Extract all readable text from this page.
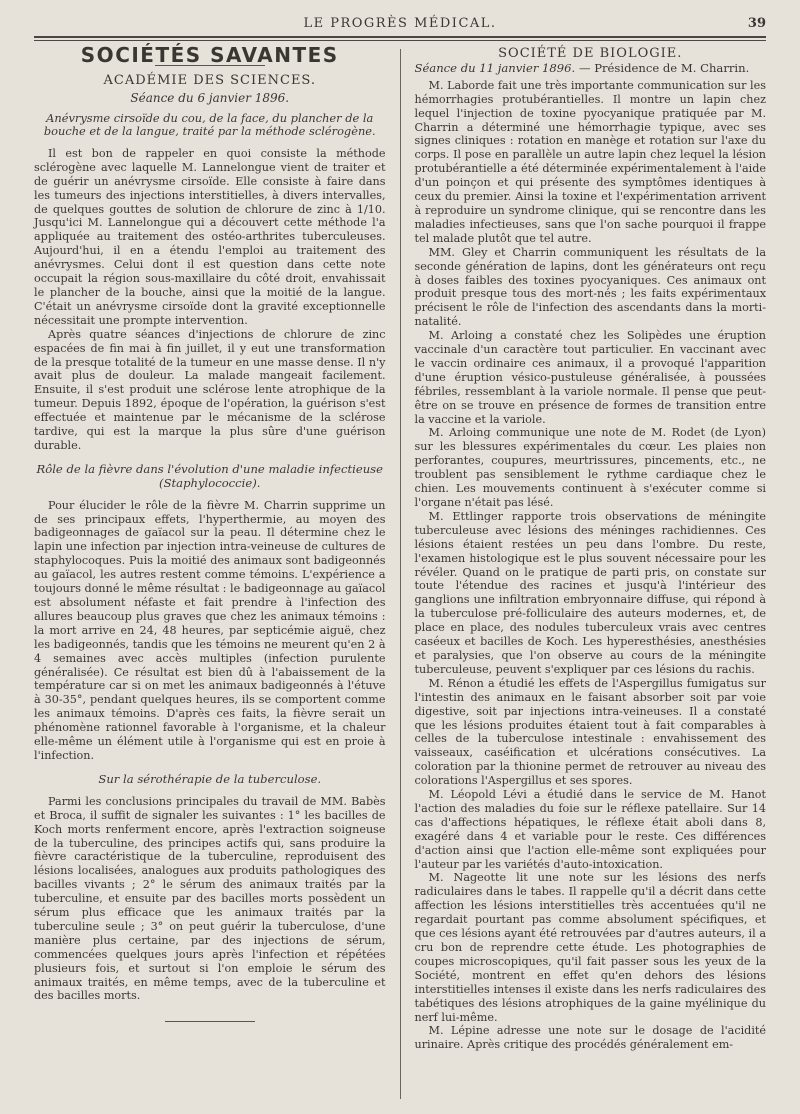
LE PROGRÈS MÉDICAL.	39
SOCIÉTÉS SAVANTES
ACADÉMIE DES SCIENCES.
Séance du 6 janvier 1896.
Anévrysme cirsoïde du cou, de la face, du plancher de la bouche et de la langue, traité par la méthode sclérogène.

Il est bon de rappeler en quoi consiste la méthode sclérogène avec laquelle M. Lannelongue vient de traiter et de guérir un anévrysme cirsoïde. Elle consiste à faire dans les tumeurs des injections interstitielles, à divers intervalles, de quelques gouttes de solution de chlorure de zinc à 1/10. Jusqu'ici M. Lannelongue qui a découvert cette méthode l'a appliquée au traitement des ostéo-arthrites tuberculeuses. Aujourd'hui, il en a étendu l'emploi au traitement des anévrysmes. Celui dont il est question dans cette note occupait la région sous-maxillaire du côté droit, envahissait le plancher de la bouche, ainsi que la moitié de la langue. C'était un anévrysme cirsoïde dont la gravité exceptionnelle nécessitait une prompte intervention.

Après quatre séances d'injections de chlorure de zinc espacées de fin mai à fin juillet, il y eut une transformation de la presque totalité de la tumeur en une masse dense. Il n'y avait plus de douleur. La malade mangeait facilement. Ensuite, il s'est produit une sclérose lente atrophique de la tumeur. Depuis 1892, époque de l'opération, la guérison s'est effectuée et maintenue par le mécanisme de la sclérose tardive, qui est la marque la plus sûre d'une guérison durable.

Rôle de la fièvre dans l'évolution d'une maladie infectieuse (Staphylococcie).

Pour élucider le rôle de la fièvre M. Charrin supprime un de ses principaux effets, l'hyperthermie, au moyen des badigeonnages de gaïacol sur la peau. Il détermine chez le lapin une infection par injection intra-veineuse de cultures de staphylocoques. Puis la moitié des animaux sont badigeonnés au gaïacol, les autres restent comme témoins. L'expérience a toujours donné le même résultat : le badigeonnage au gaïacol est absolument néfaste et fait prendre à l'infection des allures beaucoup plus graves que chez les animaux témoins : la mort arrive en 24, 48 heures, par septicémie aiguë, chez les badigeonnés, tandis que les témoins ne meurent qu'en 2 à 4 semaines avec accès multiples (infection purulente généralisée). Ce résultat est bien dû à l'abaissement de la température car si on met les animaux badigeonnés à l'étuve à 30-35°, pendant quelques heures, ils se comportent comme les animaux témoins. D'après ces faits, la fièvre serait un phénomène rationnel favorable à l'organisme, et la chaleur elle-même un élément utile à l'organisme qui est en proie à l'infection.

Sur la sérothérapie de la tuberculose.

Parmi les conclusions principales du travail de MM. Babès et Broca, il suffit de signaler les suivantes : 1° les bacilles de Koch morts renferment encore, après l'extraction soigneuse de la tuberculine, des principes actifs qui, sans produire la fièvre caractéristique de la tuberculine, reproduisent des lésions localisées, analogues aux produits pathologiques des bacilles vivants ; 2° le sérum des animaux traités par la tuberculine, et ensuite par des bacilles morts possèdent un sérum plus efficace que les animaux traités par la tuberculine seule ; 3° on peut guérir la tuberculose, d'une manière plus certaine, par des injections de sérum, commencées quelques jours après l'infection et répétées plusieurs fois, et surtout si l'on emploie le sérum des animaux traités, en même temps, avec de la tuberculine et des bacilles morts.

SOCIÉTÉ DE BIOLOGIE.
Séance du 11 janvier 1896. — Présidence de M. Charrin.

M. Laborde fait une très importante communication sur les hémorrhagies protubérantielles. Il montre un lapin chez lequel l'injection de toxine pyocyanique pratiquée par M. Charrin a déterminé une hémorrhagie typique, avec ses signes cliniques : rotation en manège et rotation sur l'axe du corps. Il pose en parallèle un autre lapin chez lequel la lésion protubérantielle a été déterminée expérimentalement à l'aide d'un poinçon et qui présente des symptômes identiques à ceux du premier. Ainsi la toxine et l'expérimentation arrivent à reproduire un syndrome clinique, qui se rencontre dans les maladies infectieuses, sans que l'on sache pourquoi il frappe tel malade plutôt que tel autre.

MM. Gley et Charrin communiquent les résultats de la seconde génération de lapins, dont les générateurs ont reçu à doses faibles des toxines pyocyaniques. Ces animaux ont produit presque tous des mort-nés ; les faits expérimentaux précisent le rôle de l'infection des ascendants dans la morti-natalité.

M. Arloing a constaté chez les Solipèdes une éruption vaccinale d'un caractère tout particulier. En vaccinant avec le vaccin ordinaire ces animaux, il a provoqué l'apparition d'une éruption vésico-pustuleuse généralisée, à poussées fébriles, ressemblant à la variole normale. Il pense que peut-être on se trouve en présence de formes de transition entre la vaccine et la variole.

M. Arloing communique une note de M. Rodet (de Lyon) sur les blessures expérimentales du cœur. Les plaies non perforantes, coupures, meurtrissures, pincements, etc., ne troublent pas sensiblement le rythme cardiaque chez le chien. Les mouvements continuent à s'exécuter comme si l'organe n'était pas lésé.

M. Ettlinger rapporte trois observations de méningite tuberculeuse avec lésions des méninges rachidiennes. Ces lésions étaient restées un peu dans l'ombre. Du reste, l'examen histologique est le plus souvent nécessaire pour les révéler. Quand on le pratique de parti pris, on constate sur toute l'étendue des racines et jusqu'à l'intérieur des ganglions une infiltration embryonnaire diffuse, qui répond à la tuberculose pré-folliculaire des auteurs modernes, et, de place en place, des nodules tuberculeux vrais avec centres caséeux et bacilles de Koch. Les hyperesthésies, anesthésies et paralysies, que l'on observe au cours de la méningite tuberculeuse, peuvent s'expliquer par ces lésions du rachis.

M. Rénon a étudié les effets de l'Aspergillus fumigatus sur l'intestin des animaux en le faisant absorber soit par voie digestive, soit par injections intra-veineuses. Il a constaté que les lésions produites étaient tout à fait comparables à celles de la tuberculose intestinale : envahissement des vaisseaux, caséification et ulcérations consécutives. La coloration par la thionine permet de retrouver au niveau des colorations l'Aspergillus et ses spores.

M. Léopold Lévi a étudié dans le service de M. Hanot l'action des maladies du foie sur le réflexe patellaire. Sur 14 cas d'affections hépatiques, le réflexe était aboli dans 8, exagéré dans 4 et variable pour le reste. Ces différences d'action ainsi que l'action elle-même sont expliquées pour l'auteur par les variétés d'auto-intoxication.

M. Nageotte lit une note sur les lésions des nerfs radiculaires dans le tabes. Il rappelle qu'il a décrit dans cette affection les lésions interstitielles très accentuées qu'il ne regardait pourtant pas comme absolument spécifiques, et que ces lésions ayant été retrouvées par d'autres auteurs, il a cru bon de reprendre cette étude. Les photographies de coupes microscopiques, qu'il fait passer sous les yeux de la Société, montrent en effet qu'en dehors des lésions interstitielles intenses il existe dans les nerfs radiculaires des tabétiques des lésions atrophiques de la gaine myélinique du nerf lui-même.

M. Lépine adresse une note sur le dosage de l'acidité urinaire. Après critique des procédés généralement em-
